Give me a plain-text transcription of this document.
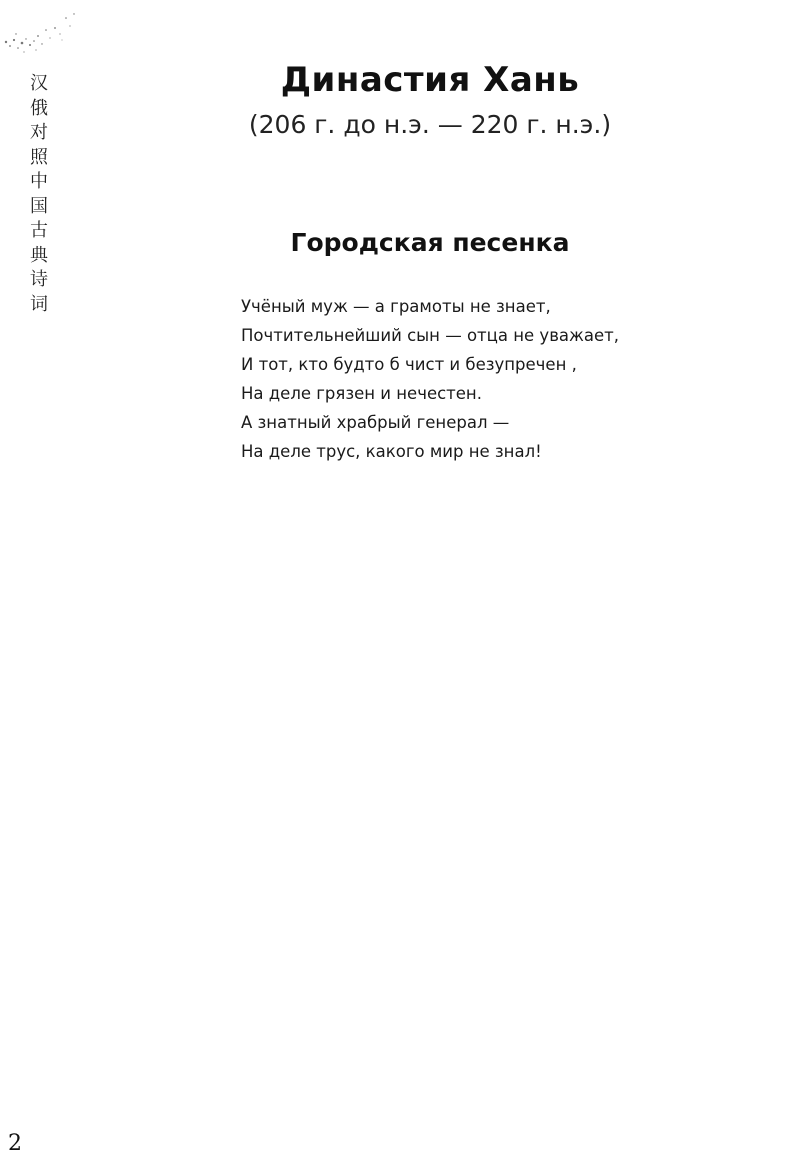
汉
俄
对
照
中
国
古
典
诗
词
Династия Хань
(206 г. до н.э. — 220 г. н.э.)
Городская песенка
Учёный муж — а грамоты не знает,
Почтительнейший сын — отца не уважает,
И тот, кто будто б чист и безупречен ,
На деле грязен и нечестен.
А знатный храбрый генерал —
На деле трус, какого мир не знал!
2
